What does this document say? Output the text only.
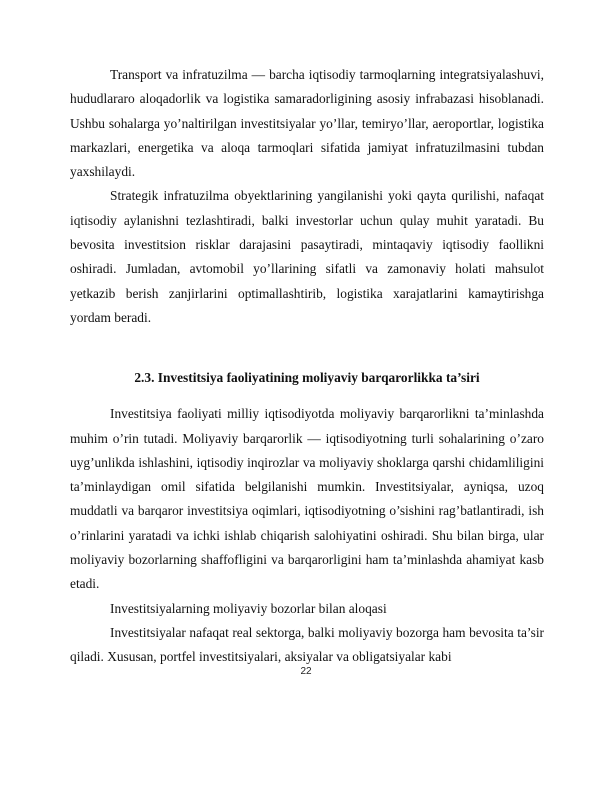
Transport va infratuzilma — barcha iqtisodiy tarmoqlarning integratsiyalashuvi, hududlararo aloqadorlik va logistika samaradorligining asosiy infrabazasi hisoblanadi. Ushbu sohalarga yo’naltirilgan investitsiyalar yo’llar, temiryo’llar, aeroportlar, logistika markazlari, energetika va aloqa tarmoqlari sifatida jamiyat infratuzilmasini tubdan yaxshilaydi.

Strategik infratuzilma obyektlarining yangilanishi yoki qayta qurilishi, nafaqat iqtisodiy aylanishni tezlashtiradi, balki investorlar uchun qulay muhit yaratadi. Bu bevosita investitsion risklar darajasini pasaytiradi, mintaqaviy iqtisodiy faollikni oshiradi. Jumladan, avtomobil yo’llarining sifatli va zamonaviy holati mahsulot yetkazib berish zanjirlarini optimallashtirib, logistika xarajatlarini kamaytirishga yordam beradi.

2.3. Investitsiya faoliyatining moliyaviy barqarorlikka ta’siri

Investitsiya faoliyati milliy iqtisodiyotda moliyaviy barqarorlikni ta’minlashda muhim o’rin tutadi. Moliyaviy barqarorlik — iqtisodiyotning turli sohalarining o’zaro uyg’unlikda ishlashini, iqtisodiy inqirozlar va moliyaviy shoklarga qarshi chidamliligini ta’minlaydigan omil sifatida belgilanishi mumkin. Investitsiyalar, ayniqsa, uzoq muddatli va barqaror investitsiya oqimlari, iqtisodiyotning o’sishini rag’batlantiradi, ish o’rinlarini yaratadi va ichki ishlab chiqarish salohiyatini oshiradi. Shu bilan birga, ular moliyaviy bozorlarning shaffofligini va barqarorligini ham ta’minlashda ahamiyat kasb etadi.

Investitsiyalarning moliyaviy bozorlar bilan aloqasi

Investitsiyalar nafaqat real sektorga, balki moliyaviy bozorga ham bevosita ta’sir qiladi. Xususan, portfel investitsiyalari, aksiyalar va obligatsiyalar kabi

22
